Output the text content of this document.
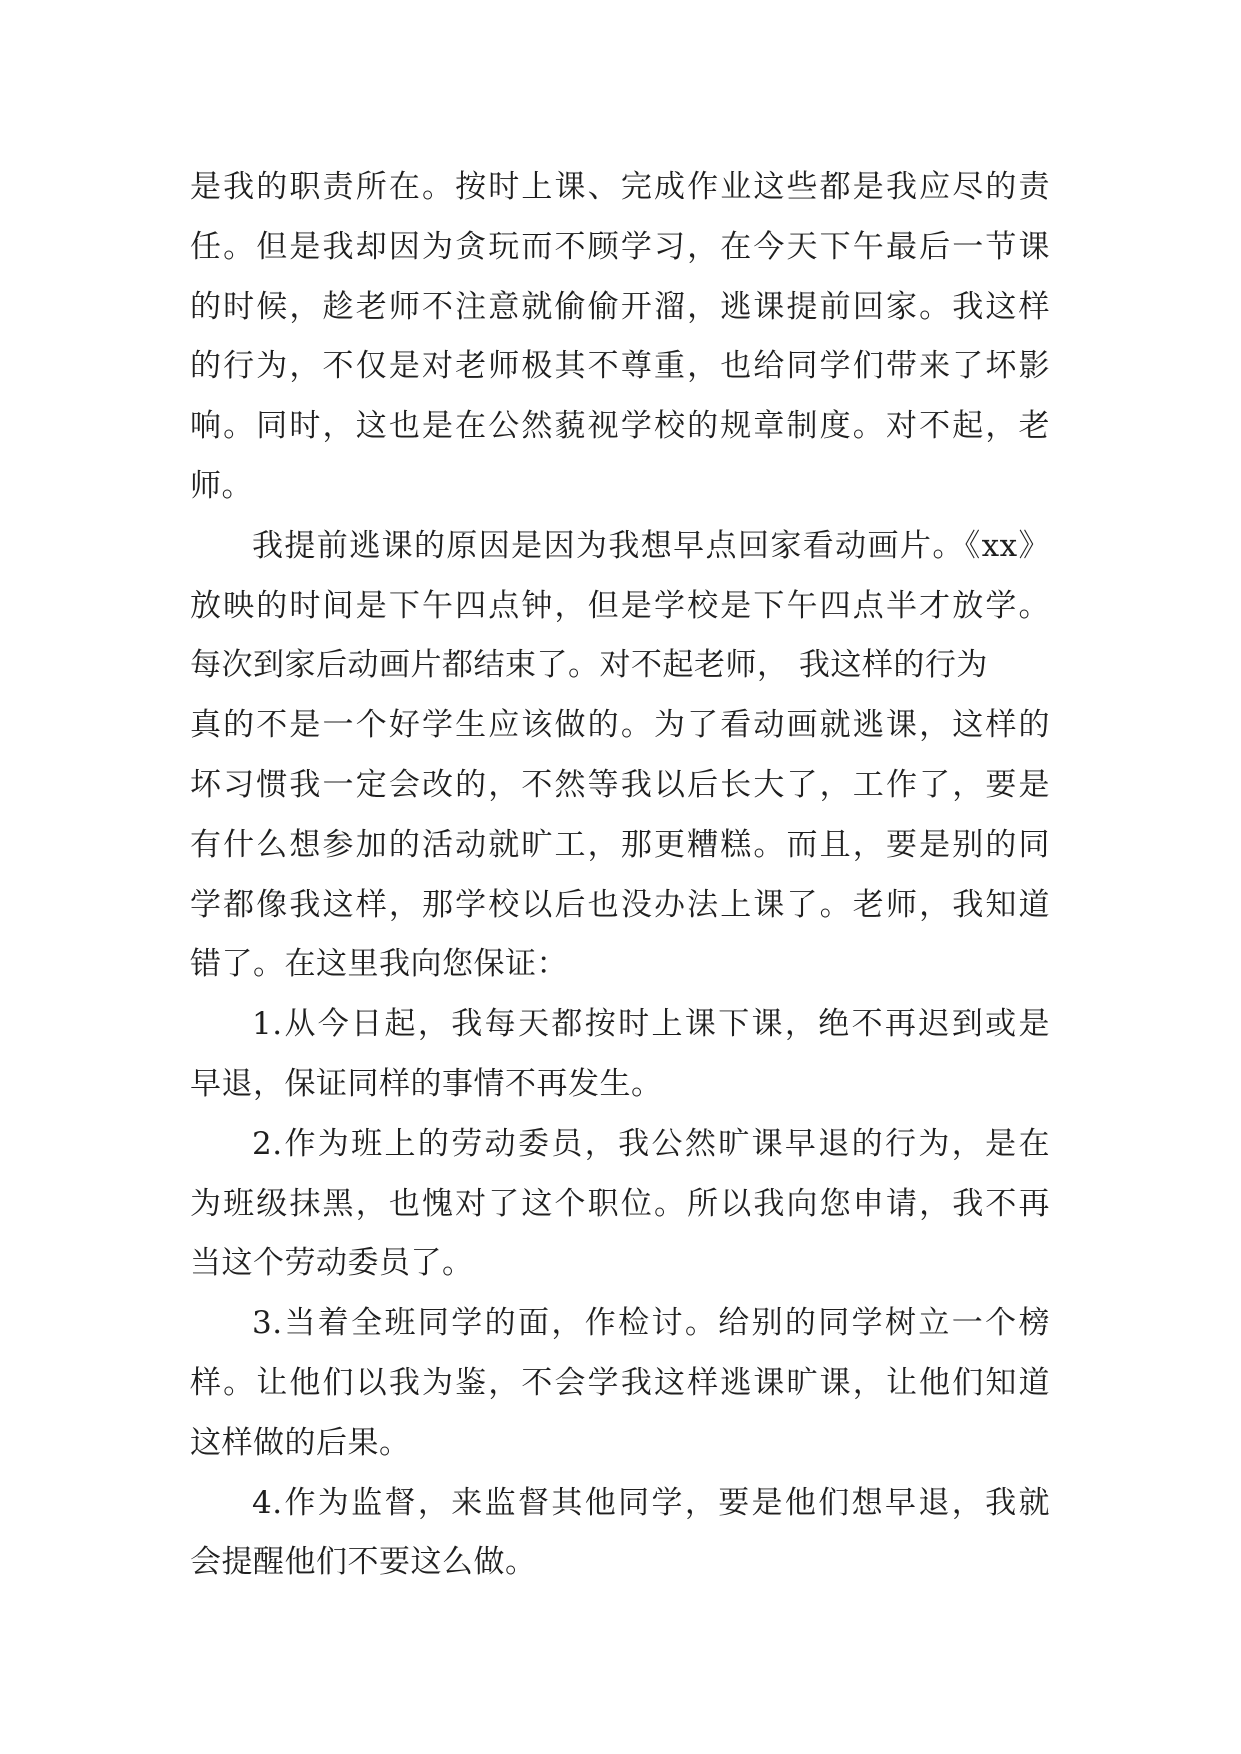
是我的职责所在。按时上课、完成作业这些都是我应尽的责
任。但是我却因为贪玩而不顾学习，在今天下午最后一节课
的时候，趁老师不注意就偷偷开溜，逃课提前回家。我这样
的行为，不仅是对老师极其不尊重，也给同学们带来了坏影
响。同时，这也是在公然藐视学校的规章制度。对不起，老
师。
我提前逃课的原因是因为我想早点回家看动画片。《xx》
放映的时间是下午四点钟，但是学校是下午四点半才放学。
每次到家后动画片都结束了。对不起老师， 我这样的行为
真的不是一个好学生应该做的。为了看动画就逃课，这样的
坏习惯我一定会改的，不然等我以后长大了，工作了，要是
有什么想参加的活动就旷工，那更糟糕。而且，要是别的同
学都像我这样，那学校以后也没办法上课了。老师，我知道
错了。在这里我向您保证：
1.从今日起，我每天都按时上课下课，绝不再迟到或是
早退，保证同样的事情不再发生。
2.作为班上的劳动委员，我公然旷课早退的行为，是在
为班级抹黑，也愧对了这个职位。所以我向您申请，我不再
当这个劳动委员了。
3.当着全班同学的面，作检讨。给别的同学树立一个榜
样。让他们以我为鉴，不会学我这样逃课旷课，让他们知道
这样做的后果。
4.作为监督，来监督其他同学，要是他们想早退，我就
会提醒他们不要这么做。
